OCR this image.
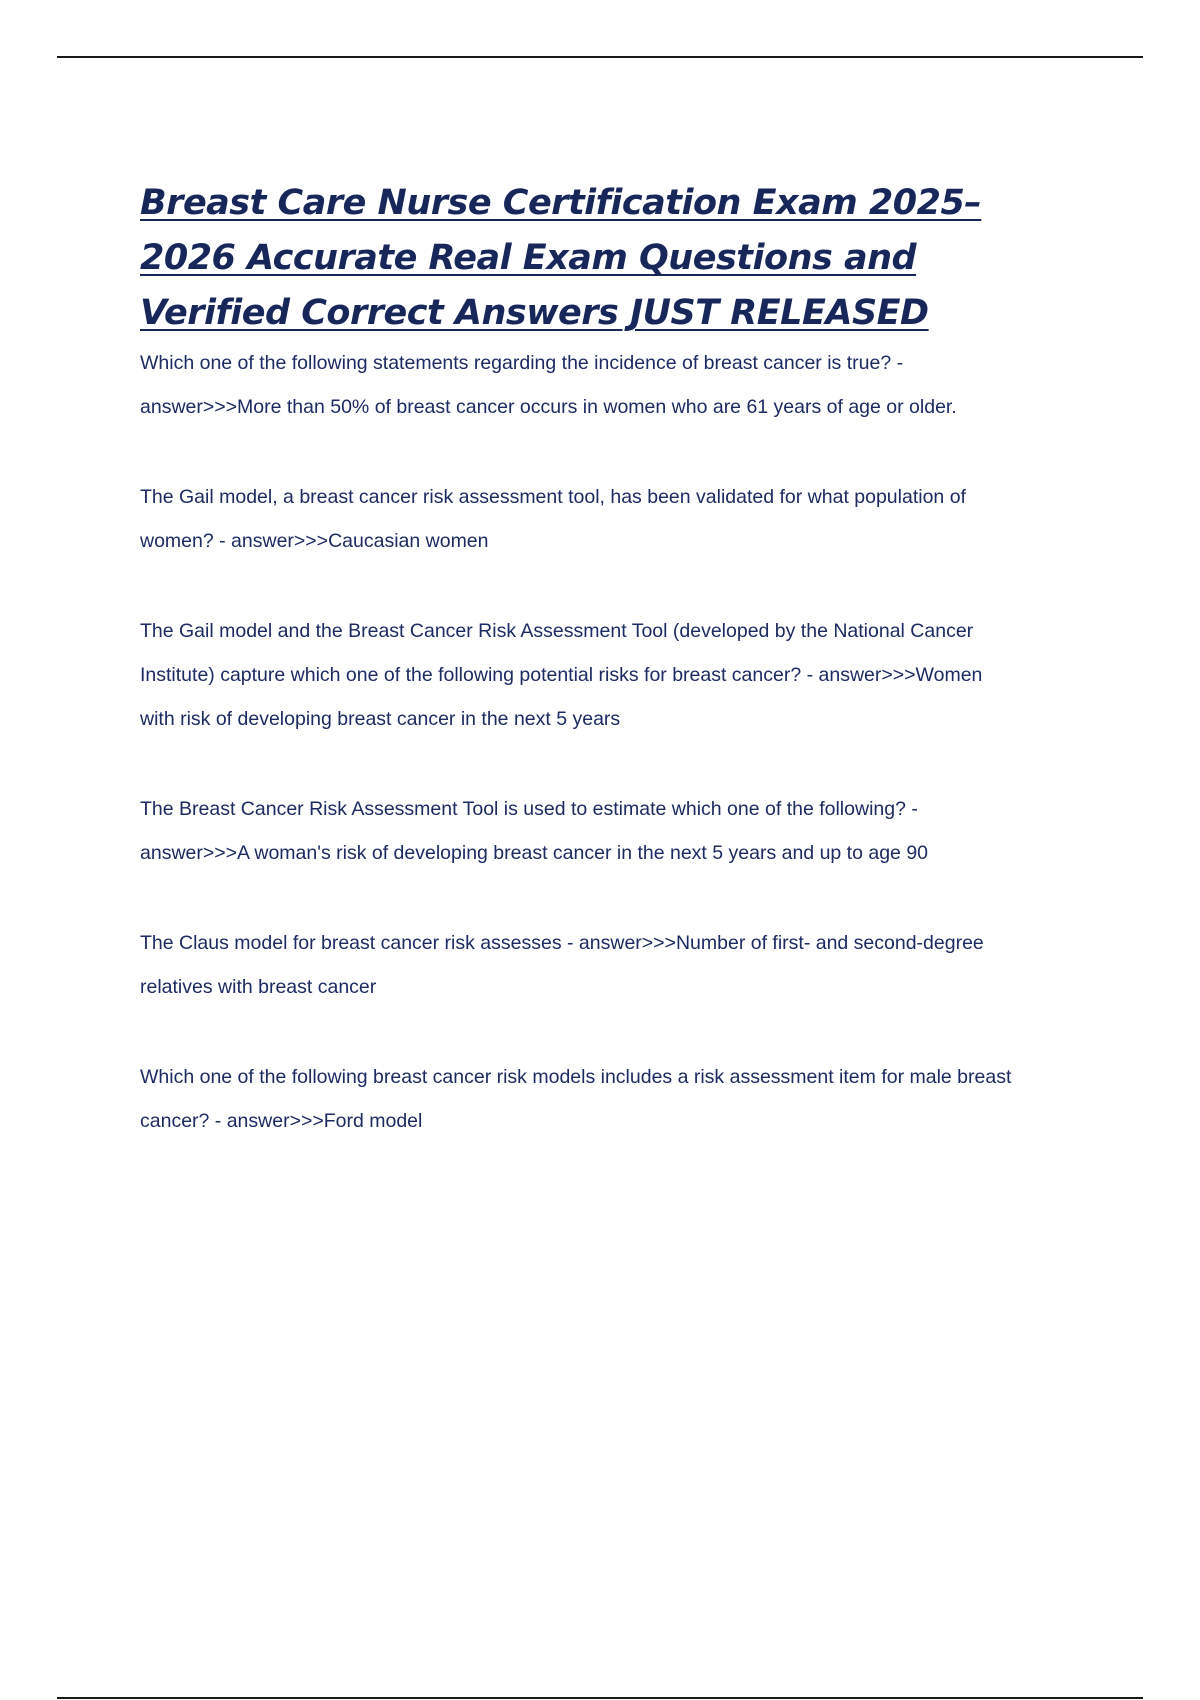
Breast Care Nurse Certification Exam 2025–2026 Accurate Real Exam Questions and Verified Correct Answers JUST RELEASED
Which one of the following statements regarding the incidence of breast cancer is true? - answer>>>More than 50% of breast cancer occurs in women who are 61 years of age or older.
The Gail model, a breast cancer risk assessment tool, has been validated for what population of women? - answer>>>Caucasian women
The Gail model and the Breast Cancer Risk Assessment Tool (developed by the National Cancer Institute) capture which one of the following potential risks for breast cancer? - answer>>>Women with risk of developing breast cancer in the next 5 years
The Breast Cancer Risk Assessment Tool is used to estimate which one of the following? - answer>>>A woman's risk of developing breast cancer in the next 5 years and up to age 90
The Claus model for breast cancer risk assesses - answer>>>Number of first- and second-degree relatives with breast cancer
Which one of the following breast cancer risk models includes a risk assessment item for male breast cancer? - answer>>>Ford model
